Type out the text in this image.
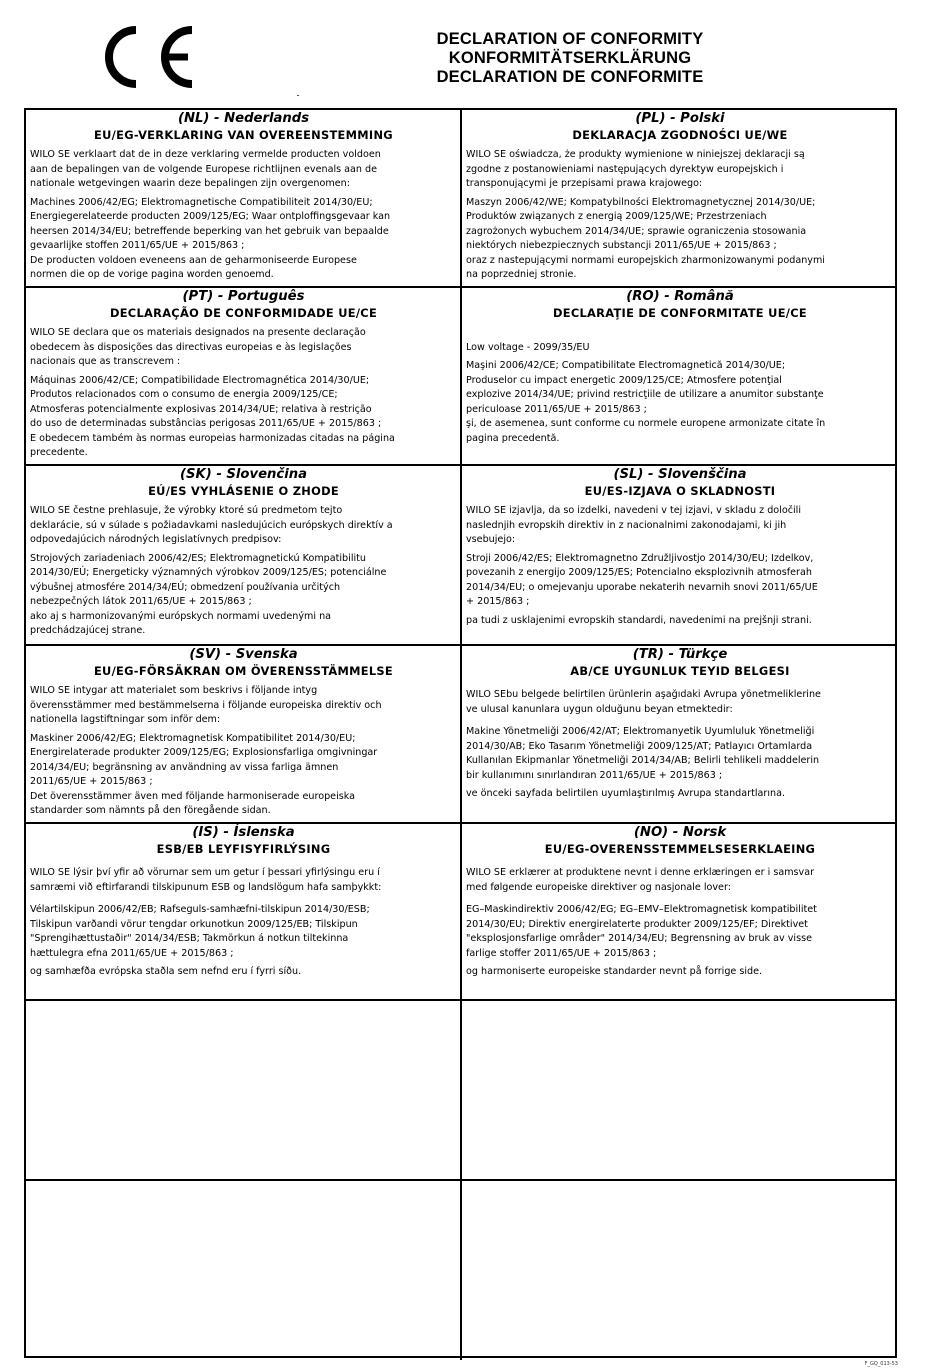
DECLARATION OF CONFORMITY
KONFORMITÄTSERKLÄRUNG
DECLARATION DE CONFORMITE
(NL) - Nederlands
EU/EG-VERKLARING VAN OVEREENSTEMMING

WILO SE verklaart dat de in deze verklaring vermelde producten voldoen
aan de bepalingen van de volgende Europese richtlijnen evenals aan de
nationale wetgevingen waarin deze bepalingen zijn overgenomen:

Machines 2006/42/EG; Elektromagnetische Compatibiliteit 2014/30/EU;
Energiegerelateerde producten 2009/125/EG; Waar ontploffingsgevaar kan
heersen 2014/34/EU; betreffende beperking van het gebruik van bepaalde
gevaarlijke stoffen 2011/65/UE + 2015/863 ;

De producten voldoen eveneens aan de geharmoniseerde Europese
normen die op de vorige pagina worden genoemd.

(PL) - Polski
DEKLARACJA ZGODNOŚCI UE/WE

WILO SE oświadcza, że produkty wymienione w niniejszej deklaracji są
zgodne z postanowieniami następujących dyrektyw europejskich i
transponującymi je przepisami prawa krajowego:

Maszyn 2006/42/WE; Kompatybilności Elektromagnetycznej 2014/30/UE;
Produktów związanych z energią 2009/125/WE; Przestrzeniach
zagrożonych wybuchem 2014/34/UE; sprawie ograniczenia stosowania
niektórych niebezpiecznych substancji 2011/65/UE + 2015/863 ;

oraz z nastepującymi normami europejskich zharmonizowanymi podanymi
na poprzedniej stronie.

(PT) - Português
DECLARAÇÃO DE CONFORMIDADE UE/CE

WILO SE declara que os materiais designados na presente declaração
obedecem às disposições das directivas europeias e às legislações
nacionais que as transcrevem :

Máquinas 2006/42/CE; Compatibilidade Electromagnética 2014/30/UE;
Produtos relacionados com o consumo de energia 2009/125/CE;
Atmosferas potencialmente explosivas 2014/34/UE; relativa à restrição
do uso de determinadas substâncias perigosas 2011/65/UE + 2015/863 ;

E obedecem também às normas europeias harmonizadas citadas na página
precedente.

(RO) - Română
DECLARAŢIE DE CONFORMITATE UE/CE

Low voltage - 2099/35/EU

Maşini 2006/42/CE; Compatibilitate Electromagnetică 2014/30/UE;
Produselor cu impact energetic 2009/125/CE; Atmosfere potenţial
explozive 2014/34/UE; privind restricţiile de utilizare a anumitor substanţe
periculoase 2011/65/UE + 2015/863 ;

şi, de asemenea, sunt conforme cu normele europene armonizate citate în
pagina precedentă.

(SK) - Slovenčina
EÚ/ES VYHLÁSENIE O ZHODE

WILO SE čestne prehlasuje, že výrobky ktoré sú predmetom tejto
deklarácie, sú v súlade s požiadavkami nasledujúcich európskych direktív a
odpovedajúcich národných legislatívnych predpisov:

Strojových zariadeniach 2006/42/ES; Elektromagnetickú Kompatibilitu
2014/30/EÚ; Energeticky významných výrobkov 2009/125/ES; potenciálne
výbušnej atmosfére 2014/34/EÚ; obmedzení používania určitých
nebezpečných látok 2011/65/UE + 2015/863 ;

ako aj s harmonizovanými európskych normami uvedenými na
predchádzajúcej strane.

(SL) - Slovenščina
EU/ES-IZJAVA O SKLADNOSTI

WILO SE izjavlja, da so izdelki, navedeni v tej izjavi, v skladu z določili
naslednjih evropskih direktiv in z nacionalnimi zakonodajami, ki jih
vsebujejo:

Stroji 2006/42/ES; Elektromagnetno Združljivostjo 2014/30/EU; Izdelkov,
povezanih z energijo 2009/125/ES; Potencialno eksplozivnih atmosferah
2014/34/EU; o omejevanju uporabe nekaterih nevarnih snovi 2011/65/UE
+ 2015/863 ;

pa tudi z usklajenimi evropskih standardi, navedenimi na prejšnji strani.

(SV) - Svenska
EU/EG-FÖRSÄKRAN OM ÖVERENSSTÄMMELSE

WILO SE intygar att materialet som beskrivs i följande intyg
överensstämmer med bestämmelserna i följande europeiska direktiv och
nationella lagstiftningar som inför dem:

Maskiner 2006/42/EG; Elektromagnetisk Kompatibilitet 2014/30/EU;
Energirelaterade produkter 2009/125/EG; Explosionsfarliga omgivningar
2014/34/EU; begränsning av användning av vissa farliga ämnen
2011/65/UE + 2015/863 ;

Det överensstämmer även med följande harmoniserade europeiska
standarder som nämnts på den föregående sidan.

(TR) - Türkçe
AB/CE UYGUNLUK TEYID BELGESI

WILO SEbu belgede belirtilen ürünlerin aşağıdaki Avrupa yönetmeliklerine
ve ulusal kanunlara uygun olduğunu beyan etmektedir:

Makine Yönetmeliği 2006/42/AT; Elektromanyetik Uyumluluk Yönetmeliği
2014/30/AB; Eko Tasarım Yönetmeliği 2009/125/AT; Patlayıcı Ortamlarda
Kullanılan Ekipmanlar Yönetmeliği 2014/34/AB; Belirli tehlikeli maddelerin
bir kullanımını sınırlandıran 2011/65/UE + 2015/863 ;

ve önceki sayfada belirtilen uyumlaştırılmış Avrupa standartlarına.

(IS) - Íslenska
ESB/EB LEYFISYFIRLÝSING

WILO SE lýsir því yfir að vörurnar sem um getur í þessari yfirlýsingu eru í
samræmi við eftirfarandi tilskipunum ESB og landslögum hafa samþykkt:

Vélartilskipun 2006/42/EB; Rafseguls-samhæfni-tilskipun 2014/30/ESB;
Tilskipun varðandi vörur tengdar orkunotkun 2009/125/EB; Tilskipun
"Sprengihættustaðir" 2014/34/ESB; Takmörkun á notkun tiltekinna
hættulegra efna 2011/65/UE + 2015/863 ;

og samhæfða evrópska staðla sem nefnd eru í fyrri síðu.

(NO) - Norsk
EU/EG-OVERENSSTEMMELSESERKLAEING

WILO SE erklærer at produktene nevnt i denne erklæringen er i samsvar
med følgende europeiske direktiver og nasjonale lover:

EG–Maskindirektiv 2006/42/EG; EG–EMV–Elektromagnetisk kompatibilitet
2014/30/EU; Direktiv energirelaterte produkter 2009/125/EF; Direktivet
"eksplosjonsfarlige områder" 2014/34/EU; Begrensning av bruk av visse
farlige stoffer 2011/65/UE + 2015/863 ;

og harmoniserte europeiske standarder nevnt på forrige side.

F_GQ_013-53
